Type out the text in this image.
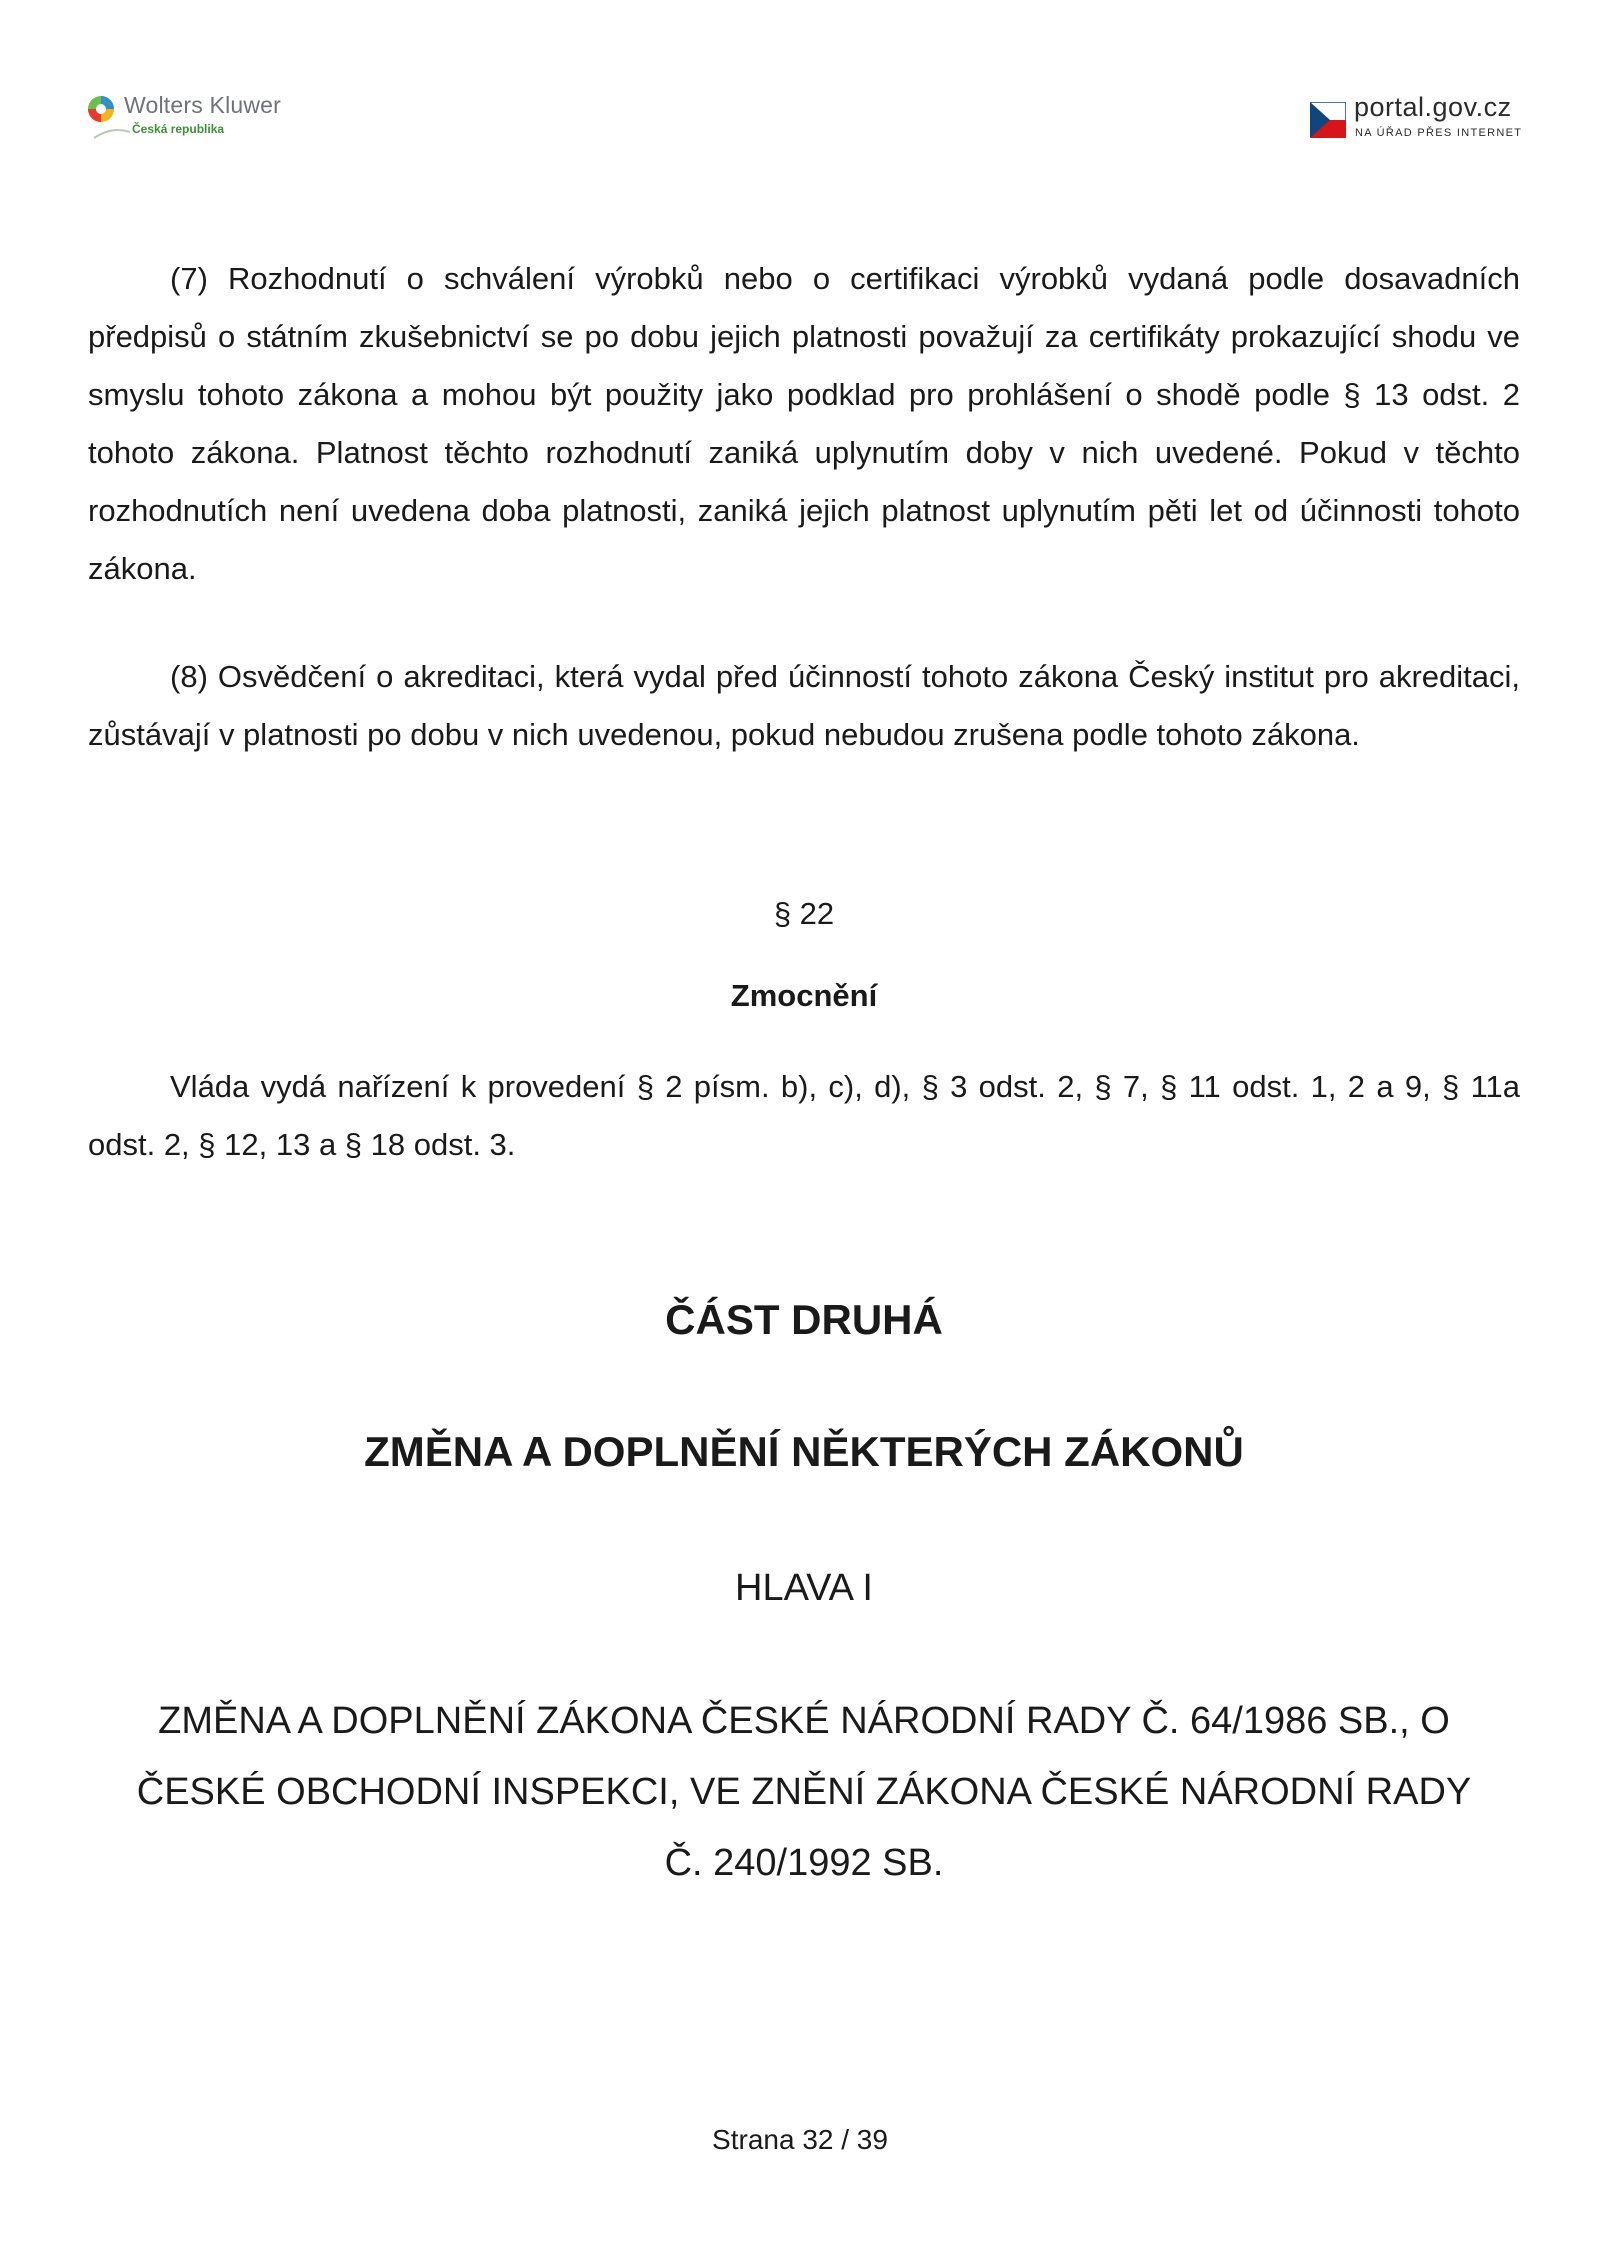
Wolters Kluwer
Česká republika
portal.gov.cz
NA ÚŘAD PŘES INTERNET

(7) Rozhodnutí o schválení výrobků nebo o certifikaci výrobků vydaná podle dosavadních předpisů o státním zkušebnictví se po dobu jejich platnosti považují za certifikáty prokazující shodu ve smyslu tohoto zákona a mohou být použity jako podklad pro prohlášení o shodě podle § 13 odst. 2 tohoto zákona. Platnost těchto rozhodnutí zaniká uplynutím doby v nich uvedené. Pokud v těchto rozhodnutích není uvedena doba platnosti, zaniká jejich platnost uplynutím pěti let od účinnosti tohoto zákona.

(8) Osvědčení o akreditaci, která vydal před účinností tohoto zákona Český institut pro akreditaci, zůstávají v platnosti po dobu v nich uvedenou, pokud nebudou zrušena podle tohoto zákona.

§ 22

Zmocnění

Vláda vydá nařízení k provedení § 2 písm. b), c), d), § 3 odst. 2, § 7, § 11 odst. 1, 2 a 9, § 11a odst. 2, § 12, 13 a § 18 odst. 3.

ČÁST DRUHÁ

ZMĚNA A DOPLNĚNÍ NĚKTERÝCH ZÁKONŮ

HLAVA I

ZMĚNA A DOPLNĚNÍ ZÁKONA ČESKÉ NÁRODNÍ RADY Č. 64/1986 SB., O
ČESKÉ OBCHODNÍ INSPEKCI, VE ZNĚNÍ ZÁKONA ČESKÉ NÁRODNÍ RADY
Č. 240/1992 SB.

Strana 32 / 39
